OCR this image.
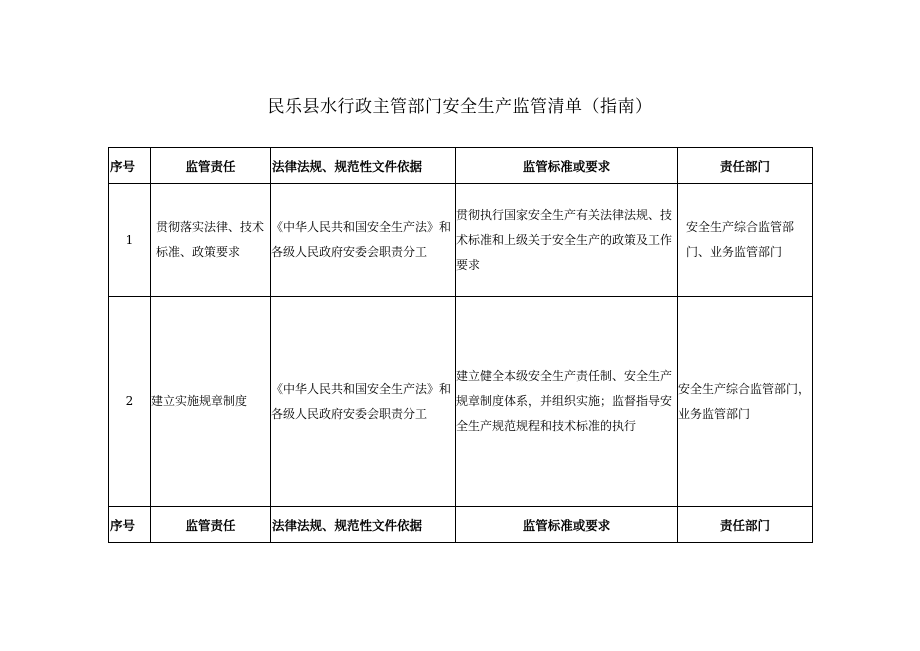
民乐县水行政主管部门安全生产监管清单（指南）
序号	监管责任	法律法规、规范性文件依据	监管标准或要求	责任部门
1	贯彻落实法律、技术标准、政策要求	《中华人民共和国安全生产法》和各级人民政府安委会职责分工	贯彻执行国家安全生产有关法律法规、技术标准和上级关于安全生产的政策及工作要求	安全生产综合监管部门、业务监管部门
2	建立实施规章制度	《中华人民共和国安全生产法》和各级人民政府安委会职责分工	建立健全本级安全生产责任制、安全生产规章制度体系，并组织实施；监督指导安全生产规范规程和技术标准的执行	安全生产综合监管部门，业务监管部门
序号	监管责任	法律法规、规范性文件依据	监管标准或要求	责任部门
